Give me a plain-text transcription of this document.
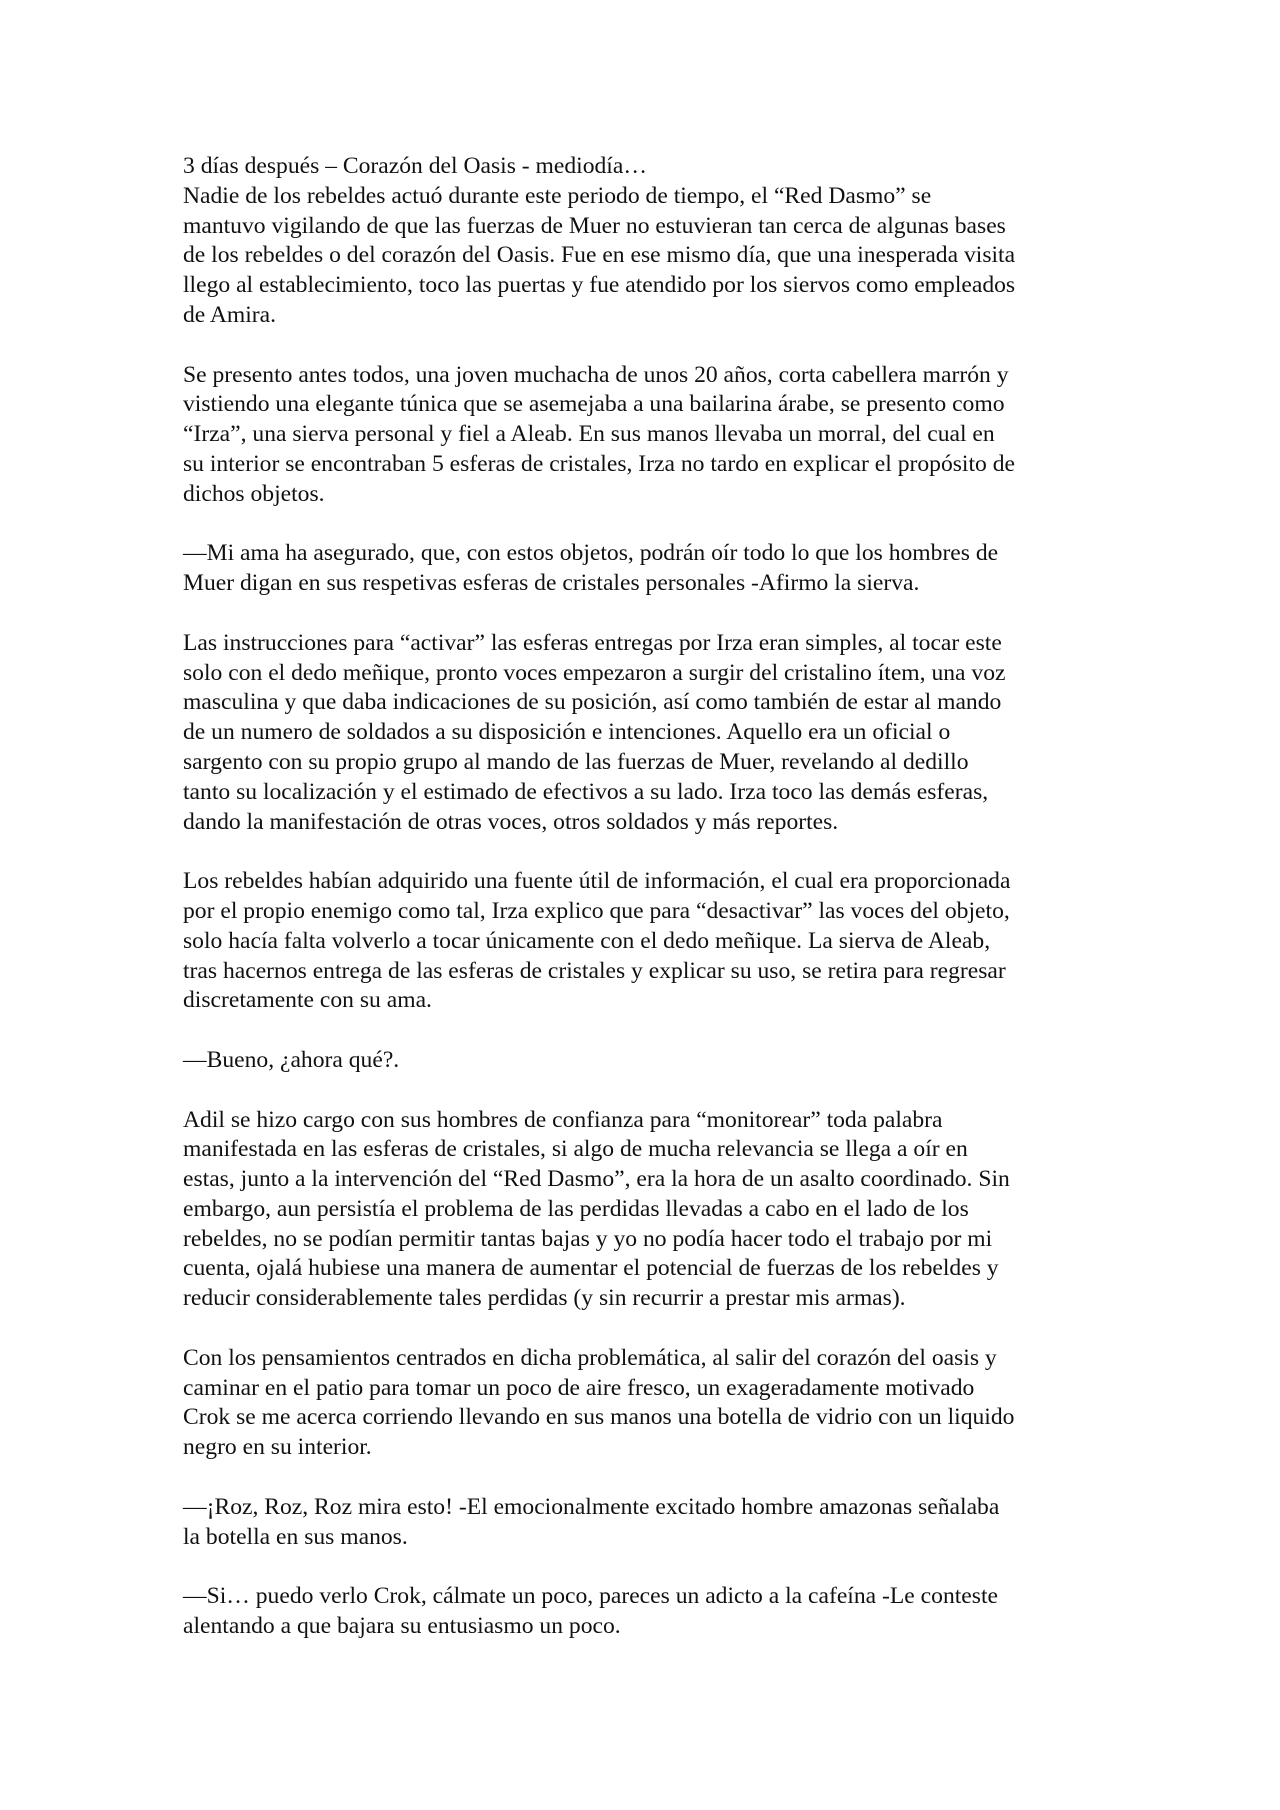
3 días después – Corazón del Oasis - mediodía…
Nadie de los rebeldes actuó durante este periodo de tiempo, el “Red Dasmo” se
mantuvo vigilando de que las fuerzas de Muer no estuvieran tan cerca de algunas bases
de los rebeldes o del corazón del Oasis. Fue en ese mismo día, que una inesperada visita
llego al establecimiento, toco las puertas y fue atendido por los siervos como empleados
de Amira.

Se presento antes todos, una joven muchacha de unos 20 años, corta cabellera marrón y
vistiendo una elegante túnica que se asemejaba a una bailarina árabe, se presento como
“Irza”, una sierva personal y fiel a Aleab. En sus manos llevaba un morral, del cual en
su interior se encontraban 5 esferas de cristales, Irza no tardo en explicar el propósito de
dichos objetos.

—Mi ama ha asegurado, que, con estos objetos, podrán oír todo lo que los hombres de
Muer digan en sus respetivas esferas de cristales personales -Afirmo la sierva.

Las instrucciones para “activar” las esferas entregas por Irza eran simples, al tocar este
solo con el dedo meñique, pronto voces empezaron a surgir del cristalino ítem, una voz
masculina y que daba indicaciones de su posición, así como también de estar al mando
de un numero de soldados a su disposición e intenciones. Aquello era un oficial o
sargento con su propio grupo al mando de las fuerzas de Muer, revelando al dedillo
tanto su localización y el estimado de efectivos a su lado. Irza toco las demás esferas,
dando la manifestación de otras voces, otros soldados y más reportes.

Los rebeldes habían adquirido una fuente útil de información, el cual era proporcionada
por el propio enemigo como tal, Irza explico que para “desactivar” las voces del objeto,
solo hacía falta volverlo a tocar únicamente con el dedo meñique. La sierva de Aleab,
tras hacernos entrega de las esferas de cristales y explicar su uso, se retira para regresar
discretamente con su ama.

—Bueno, ¿ahora qué?.

Adil se hizo cargo con sus hombres de confianza para “monitorear” toda palabra
manifestada en las esferas de cristales, si algo de mucha relevancia se llega a oír en
estas, junto a la intervención del “Red Dasmo”, era la hora de un asalto coordinado. Sin
embargo, aun persistía el problema de las perdidas llevadas a cabo en el lado de los
rebeldes, no se podían permitir tantas bajas y yo no podía hacer todo el trabajo por mi
cuenta, ojalá hubiese una manera de aumentar el potencial de fuerzas de los rebeldes y
reducir considerablemente tales perdidas (y sin recurrir a prestar mis armas).

Con los pensamientos centrados en dicha problemática, al salir del corazón del oasis y
caminar en el patio para tomar un poco de aire fresco, un exageradamente motivado
Crok se me acerca corriendo llevando en sus manos una botella de vidrio con un liquido
negro en su interior.

—¡Roz, Roz, Roz mira esto! -El emocionalmente excitado hombre amazonas señalaba
la botella en sus manos.

—Si… puedo verlo Crok, cálmate un poco, pareces un adicto a la cafeína -Le conteste
alentando a que bajara su entusiasmo un poco.
